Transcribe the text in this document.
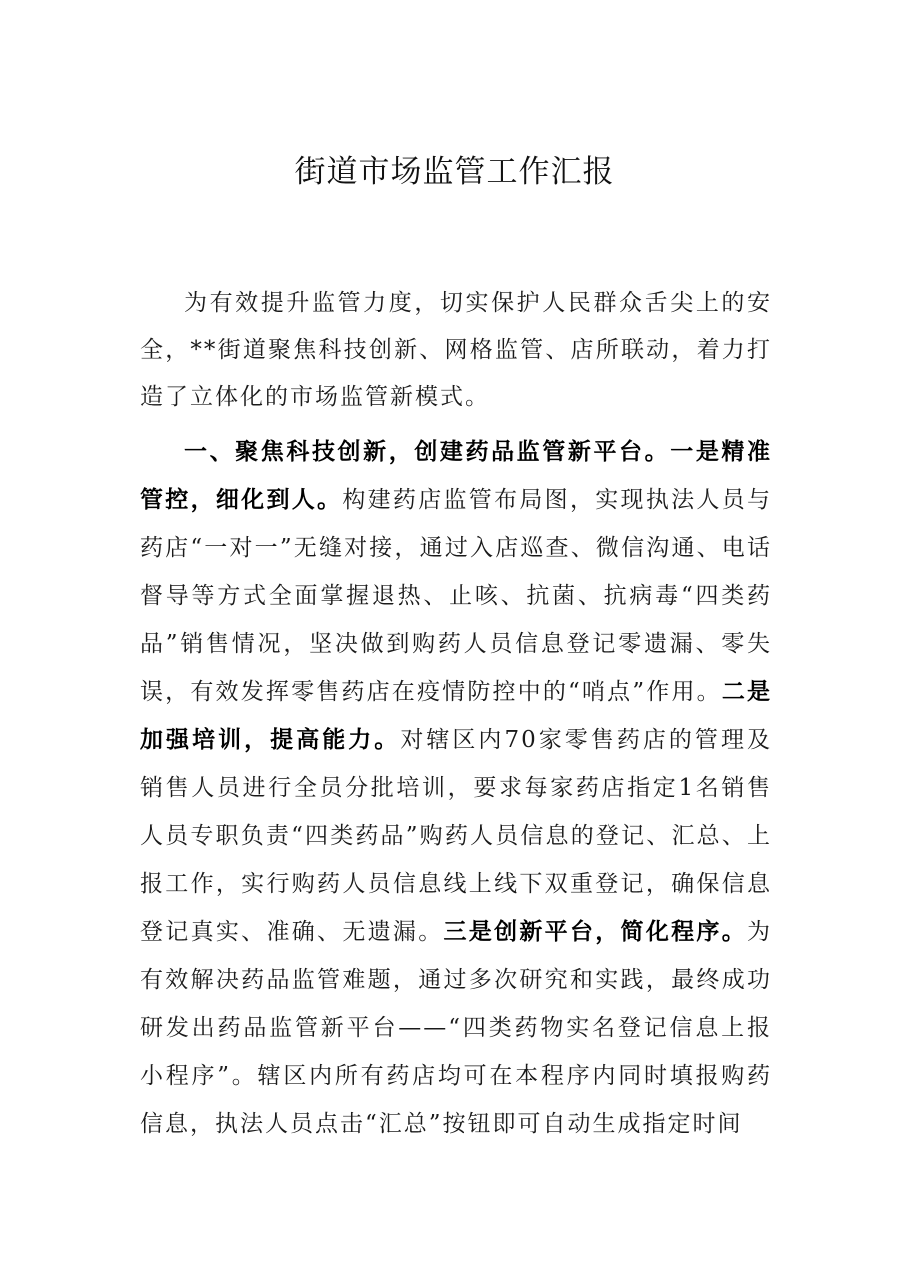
街道市场监管工作汇报
为有效提升监管力度，切实保护人民群众舌尖上的安全，**街道聚焦科技创新、网格监管、店所联动，着力打造了立体化的市场监管新模式。
一、聚焦科技创新，创建药品监管新平台。一是精准管控，细化到人。构建药店监管布局图，实现执法人员与药店“一对一”无缝对接，通过入店巡查、微信沟通、电话督导等方式全面掌握退热、止咳、抗菌、抗病毒“四类药品”销售情况，坚决做到购药人员信息登记零遗漏、零失误，有效发挥零售药店在疫情防控中的“哨点”作用。二是加强培训，提高能力。对辖区内70家零售药店的管理及销售人员进行全员分批培训，要求每家药店指定1名销售人员专职负责“四类药品”购药人员信息的登记、汇总、上报工作，实行购药人员信息线上线下双重登记，确保信息登记真实、准确、无遗漏。三是创新平台，简化程序。为有效解决药品监管难题，通过多次研究和实践，最终成功研发出药品监管新平台——“四类药物实名登记信息上报小程序”。辖区内所有药店均可在本程序内同时填报购药信息，执法人员点击“汇总”按钮即可自动生成指定时间
